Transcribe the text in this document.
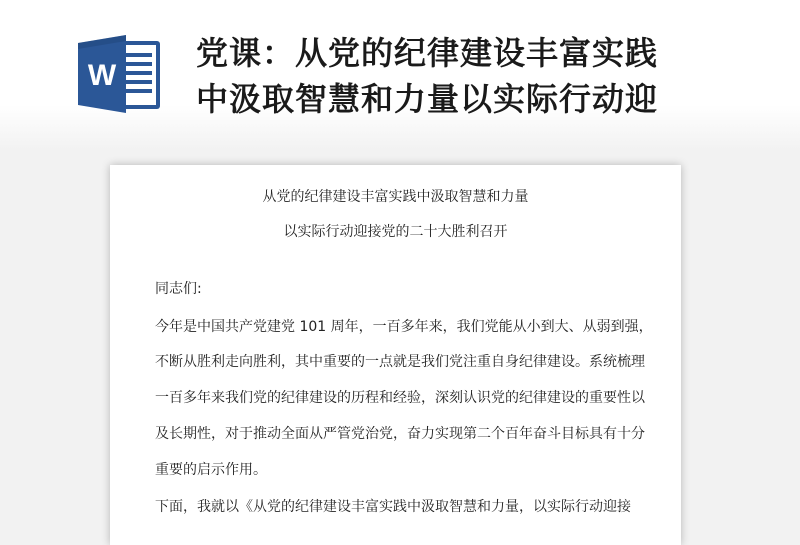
W
党课：从党的纪律建设丰富实践
中汲取智慧和力量以实际行动迎
从党的纪律建设丰富实践中汲取智慧和力量
以实际行动迎接党的二十大胜利召开
同志们:
今年是中国共产党建党 101 周年，一百多年来，我们党能从小到大、从弱到强，
不断从胜利走向胜利，其中重要的一点就是我们党注重自身纪律建设。系统梳理
一百多年来我们党的纪律建设的历程和经验，深刻认识党的纪律建设的重要性以
及长期性，对于推动全面从严管党治党，奋力实现第二个百年奋斗目标具有十分
重要的启示作用。
下面，我就以《从党的纪律建设丰富实践中汲取智慧和力量，以实际行动迎接
